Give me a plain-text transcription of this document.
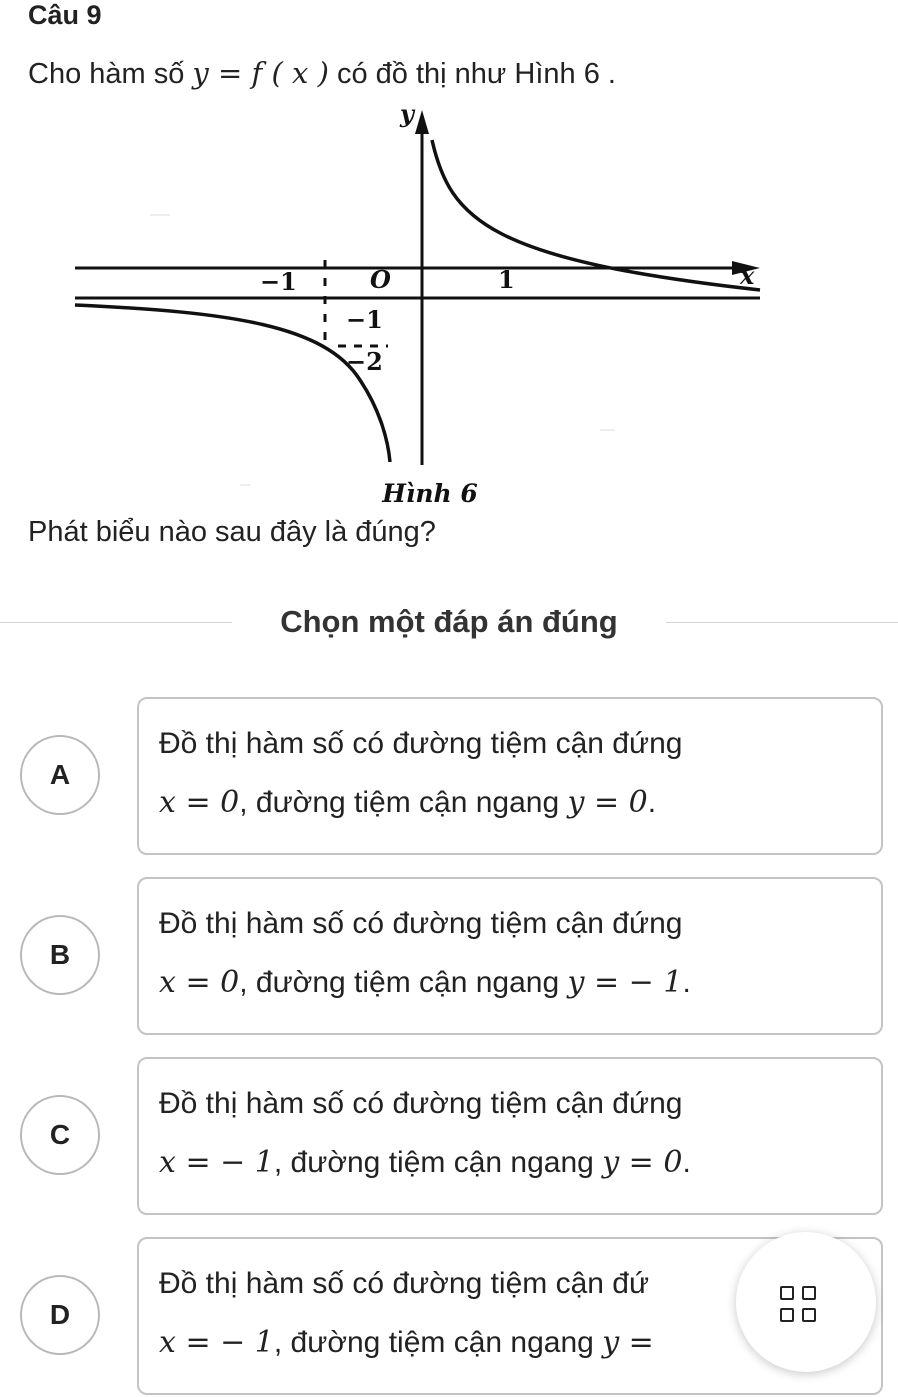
Câu 9
Cho hàm số y = f ( x ) có đồ thị như Hình 6 .
y
x
O
−1	1
−1
−2
Hình 6
Phát biểu nào sau đây là đúng?
Chọn một đáp án đúng
A
Đồ thị hàm số có đường tiệm cận đứng
x = 0, đường tiệm cận ngang y = 0.
B
Đồ thị hàm số có đường tiệm cận đứng
x = 0, đường tiệm cận ngang y = − 1.
C
Đồ thị hàm số có đường tiệm cận đứng
x = − 1, đường tiệm cận ngang y = 0.
D
Đồ thị hàm số có đường tiệm cận đứ
x = − 1, đường tiệm cận ngang y =
